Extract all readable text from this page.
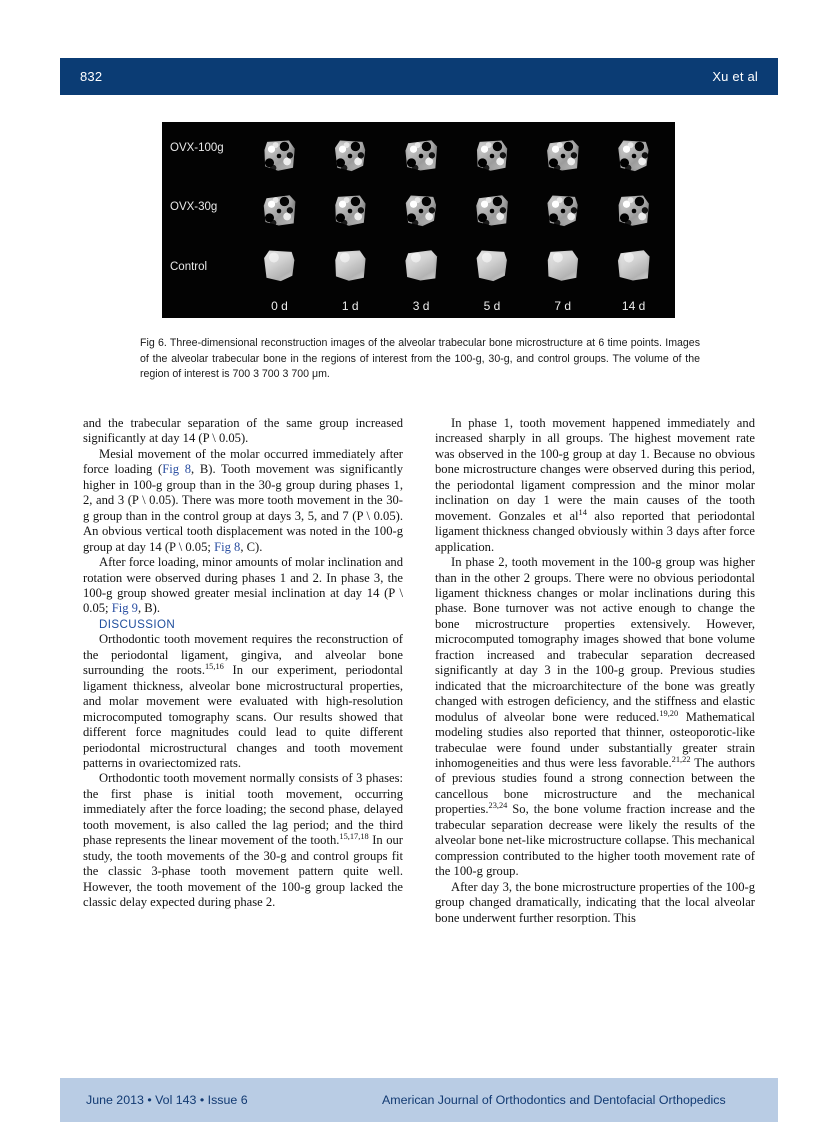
832	Xu et al
OVX-100g
OVX-30g
Control
0 d	1 d	3 d	5 d	7 d	14 d
Fig 6. Three-dimensional reconstruction images of the alveolar trabecular bone microstructure at 6 time points. Images of the alveolar trabecular bone in the regions of interest from the 100-g, 30-g, and control groups. The volume of the region of interest is 700 3 700 3 700 μm.

and the trabecular separation of the same group increased significantly at day 14 (P \ 0.05).

Mesial movement of the molar occurred immediately after force loading (Fig 8, B). Tooth movement was significantly higher in 100-g group than in the 30-g group during phases 1, 2, and 3 (P \ 0.05). There was more tooth movement in the 30-g group than in the control group at days 3, 5, and 7 (P \ 0.05). An obvious vertical tooth displacement was noted in the 100-g group at day 14 (P \ 0.05; Fig 8, C).

After force loading, minor amounts of molar inclination and rotation were observed during phases 1 and 2. In phase 3, the 100-g group showed greater mesial inclination at day 14 (P \ 0.05; Fig 9, B).

DISCUSSION

Orthodontic tooth movement requires the reconstruction of the periodontal ligament, gingiva, and alveolar bone surrounding the roots.$^{15,16}$ In our experiment, periodontal ligament thickness, alveolar bone microstructural properties, and molar movement were evaluated with high-resolution microcomputed tomography scans. Our results showed that different force magnitudes could lead to quite different periodontal microstructural changes and tooth movement patterns in ovariectomized rats.

Orthodontic tooth movement normally consists of 3 phases: the first phase is initial tooth movement, occurring immediately after the force loading; the second phase, delayed tooth movement, is also called the lag period; and the third phase represents the linear movement of the tooth.$^{15,17,18}$ In our study, the tooth movements of the 30-g and control groups fit the classic 3-phase tooth movement pattern quite well. However, the tooth movement of the 100-g group lacked the classic delay expected during phase 2.

In phase 1, tooth movement happened immediately and increased sharply in all groups. The highest movement rate was observed in the 100-g group at day 1. Because no obvious bone microstructure changes were observed during this period, the periodontal ligament compression and the minor molar inclination on day 1 were the main causes of the tooth movement. Gonzales et $al^{14}$ also reported that periodontal ligament thickness changed obviously within 3 days after force application.

In phase 2, tooth movement in the 100-g group was higher than in the other 2 groups. There were no obvious periodontal ligament thickness changes or molar inclinations during this phase. Bone turnover was not active enough to change the bone microstructure properties extensively. However, microcomputed tomography images showed that bone volume fraction increased and trabecular separation decreased significantly at day 3 in the 100-g group. Previous studies indicated that the microarchitecture of the bone was greatly changed with estrogen deficiency, and the stiffness and elastic modulus of alveolar bone were reduced.$^{19,20}$ Mathematical modeling studies also reported that thinner, osteoporotic-like trabeculae were found under substantially greater strain inhomogeneities and thus were less favorable.$^{21,22}$ The authors of previous studies found a strong connection between the cancellous bone microstructure and the mechanical properties.$^{23,24}$ So, the bone volume fraction increase and the trabecular separation decrease were likely the results of the alveolar bone net-like microstructure collapse. This mechanical compression contributed to the higher tooth movement rate of the 100-g group.

After day 3, the bone microstructure properties of the 100-g group changed dramatically, indicating that the local alveolar bone underwent further resorption. This

June 2013 • Vol 143 • Issue 6	American Journal of Orthodontics and Dentofacial Orthopedics
